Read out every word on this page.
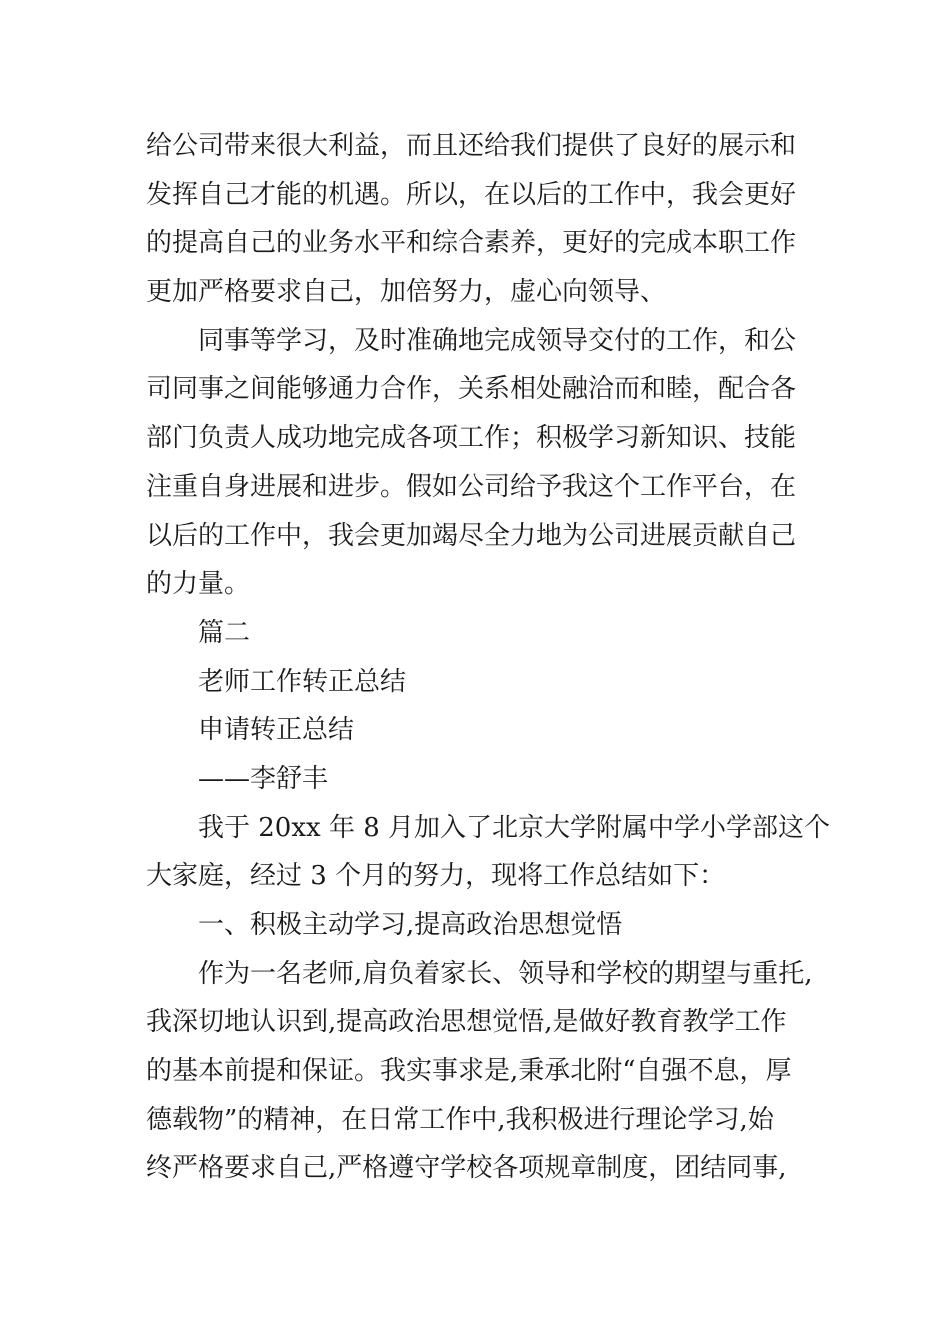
给公司带来很大利益，而且还给我们提供了良好的展示和
发挥自己才能的机遇。所以，在以后的工作中，我会更好
的提高自己的业务水平和综合素养，更好的完成本职工作
更加严格要求自己，加倍努力，虚心向领导、
同事等学习，及时准确地完成领导交付的工作，和公
司同事之间能够通力合作，关系相处融洽而和睦，配合各
部门负责人成功地完成各项工作；积极学习新知识、技能
注重自身进展和进步。假如公司给予我这个工作平台，在
以后的工作中，我会更加竭尽全力地为公司进展贡献自己
的力量。
篇二
老师工作转正总结
申请转正总结
——李舒丰
我于 20xx 年 8 月加入了北京大学附属中学小学部这个
大家庭，经过 3 个月的努力，现将工作总结如下：
一、积极主动学习,提高政治思想觉悟
作为一名老师,肩负着家长、领导和学校的期望与重托,
我深切地认识到,提高政治思想觉悟,是做好教育教学工作
的基本前提和保证。我实事求是,秉承北附“自强不息，厚
德载物”的精神，在日常工作中,我积极进行理论学习,始
终严格要求自己,严格遵守学校各项规章制度，团结同事,
